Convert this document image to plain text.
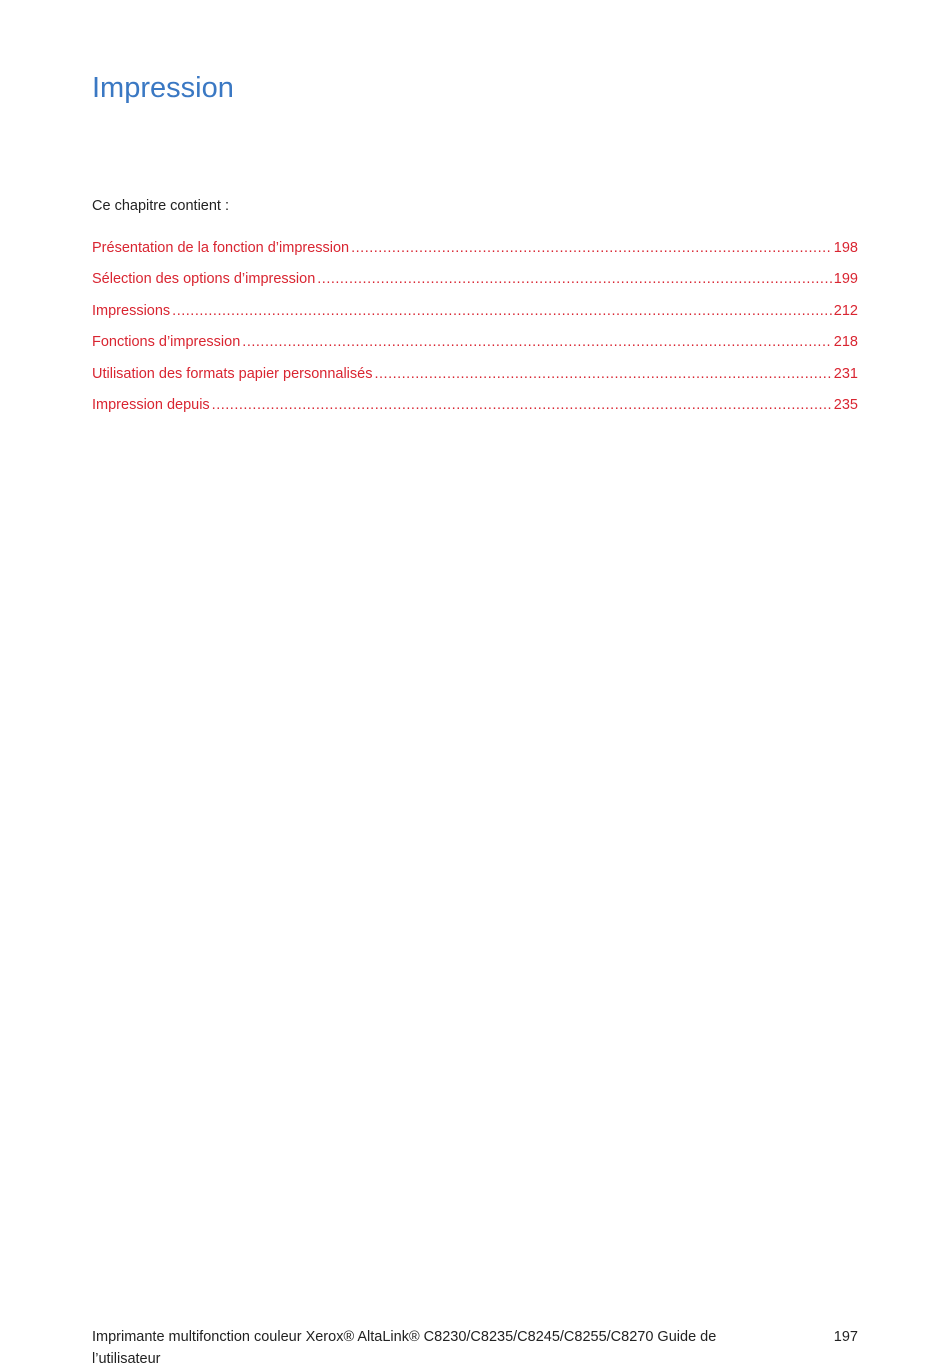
Impression

Ce chapitre contient :

Présentation de la fonction d’impression .....	198
Sélection des options d’impression .....	199
Impressions .....	212
Fonctions d’impression .....	218
Utilisation des formats papier personnalisés .....	231
Impression depuis .....	235
Imprimante multifonction couleur Xerox® AltaLink® C8230/C8235/C8245/C8255/C8270 Guide de l’utilisateur
197
